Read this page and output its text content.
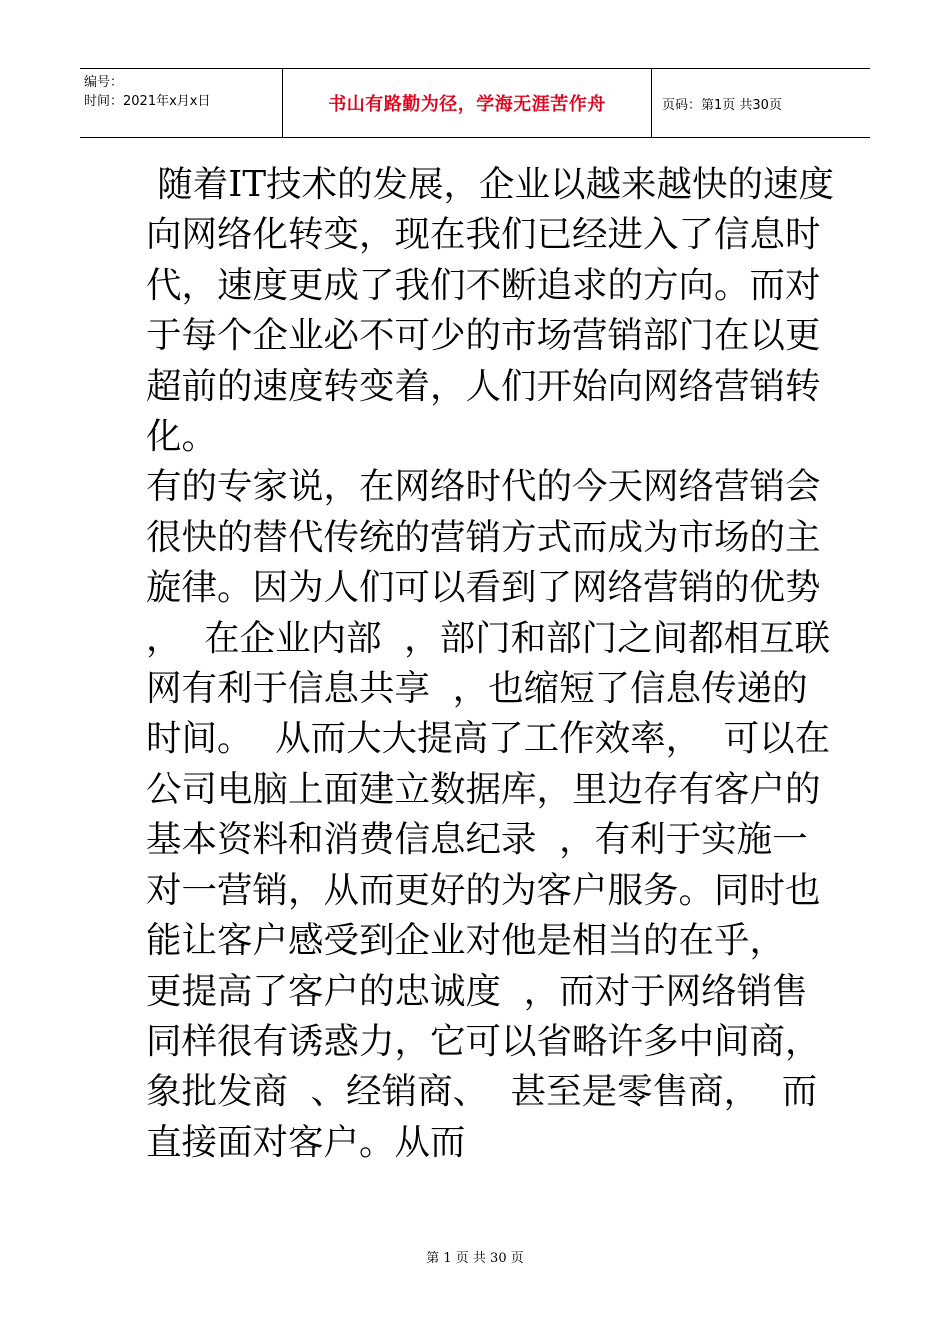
编号：
时间：2021年x月x日	书山有路勤为径，学海无涯苦作舟	页码：第1页 共30页

随着IT技术的发展，企业以越来越快的速度向网络化转变，现在我们已经进入了信息时代，速度更成了我们不断追求的方向。而对于每个企业必不可少的市场营销部门在以更超前的速度转变着，人们开始向网络营销转化。

有的专家说，在网络时代的今天网络营销会很快的替代传统的营销方式而成为市场的主旋律。因为人们可以看到了网络营销的优势，  在企业内部  ，部门和部门之间都相互联网有利于信息共享  ，也缩短了信息传递的时间。  从而大大提高了工作效率，  可以在公司电脑上面建立数据库，里边存有客户的基本资料和消费信息纪录  ，有利于实施一对一营销，从而更好的为客户服务。同时也能让客户感受到企业对他是相当的在乎，  更提高了客户的忠诚度  ，而对于网络销售同样很有诱惑力，它可以省略许多中间商，象批发商  、经销商、  甚至是零售商，  而直接面对客户。从而

第 1 页 共 30 页
